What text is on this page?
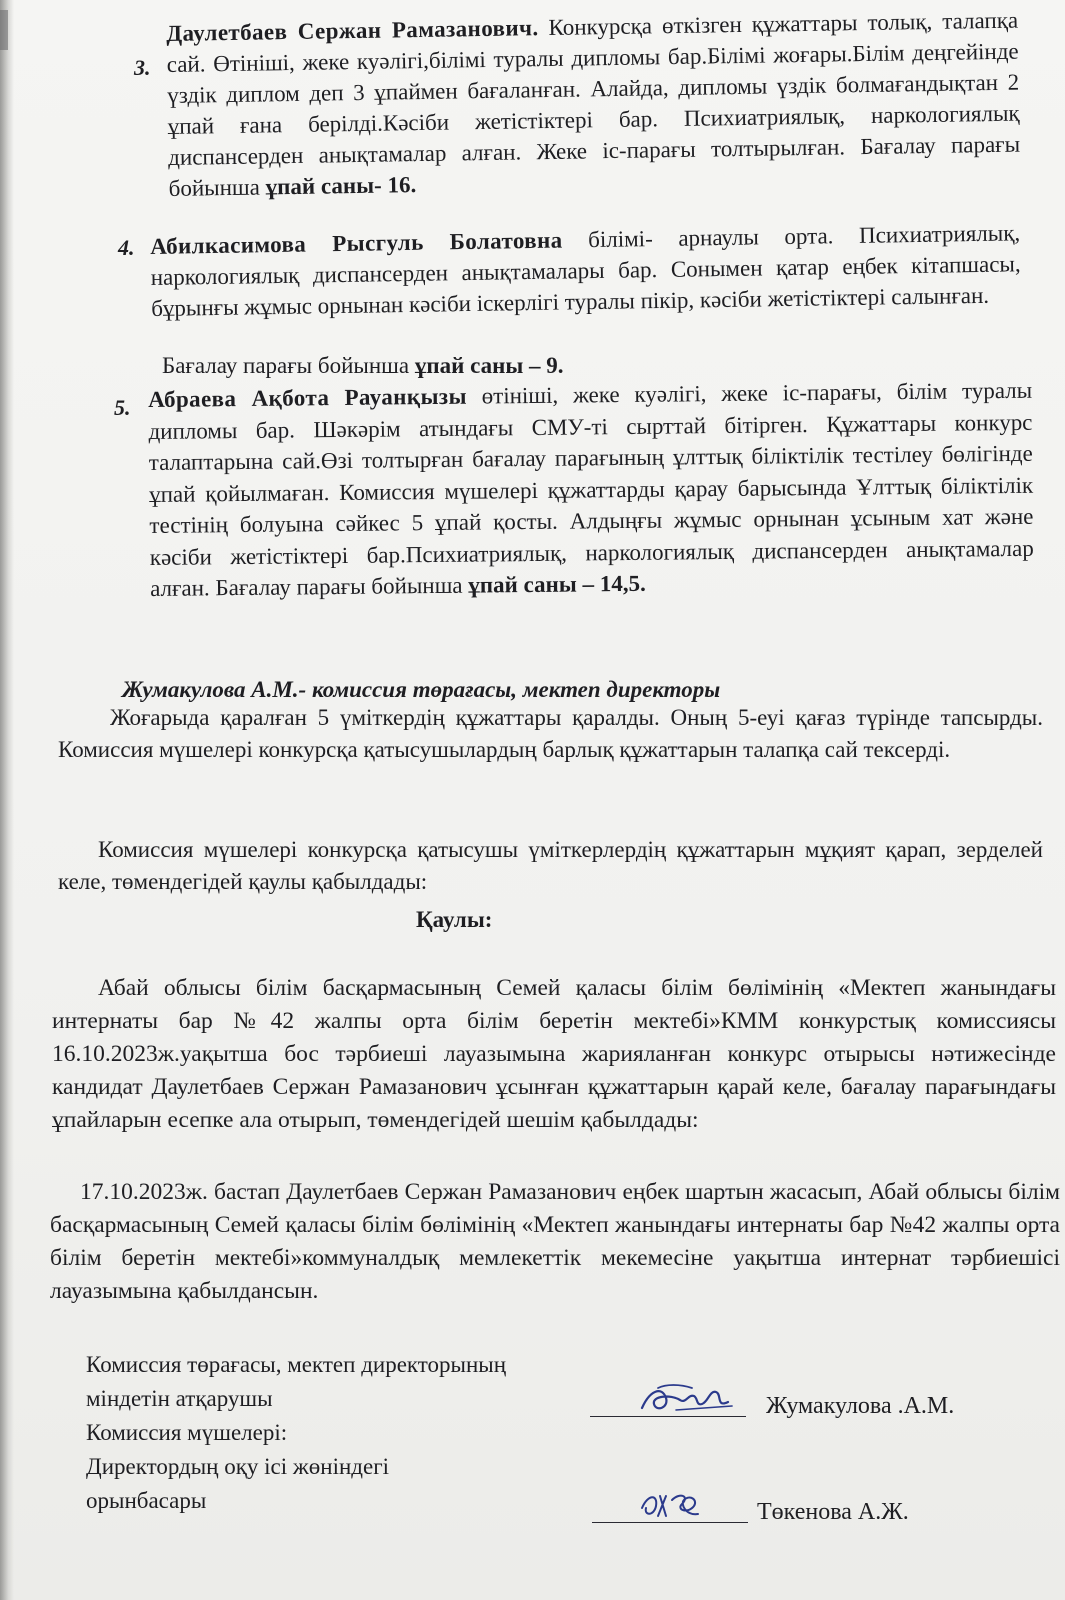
3.
Даулетбаев Сержан Рамазанович. Конкурсқа өткізген құжаттары толық, талапқа сай. Өтініші, жеке куәлігі,білімі туралы дипломы бар.Білімі жоғары.Білім деңгейінде үздік диплом деп 3 ұпаймен бағаланған. Алайда, дипломы үздік болмағандықтан 2 ұпай ғана берілді.Кәсіби жетістіктері бар. Психиатриялық, наркологиялық диспансерден анықтамалар алған. Жеке іс-парағы толтырылған. Бағалау парағы бойынша ұпай саны- 16.
4. Абилкасимова Рысгуль Болатовна білімі- арнаулы орта. Психиатриялық, наркологиялық диспансерден анықтамалары бар. Сонымен қатар еңбек кітапшасы, бұрынғы жұмыс орнынан кәсіби іскерлігі туралы пікір, кәсіби жетістіктері салынған.
Бағалау парағы бойынша ұпай саны – 9.
5. Абраева Ақбота Рауанқызы өтініші, жеке куәлігі, жеке іс-парағы, білім туралы дипломы бар. Шәкәрім атындағы СМУ-ті сырттай бітірген. Құжаттары конкурс талаптарына сай.Өзі толтырған бағалау парағының ұлттық біліктілік тестілеу бөлігінде ұпай қойылмаған. Комиссия мүшелері құжаттарды қарау барысында Ұлттық біліктілік тестінің болуына сәйкес 5 ұпай қосты. Алдыңғы жұмыс орнынан ұсыным хат және кәсіби жетістіктері бар.Психиатриялық, наркологиялық диспансерден анықтамалар алған. Бағалау парағы бойынша ұпай саны – 14,5.
Жумакулова А.М.- комиссия төрағасы, мектеп директоры
Жоғарыда қаралған 5 үміткердің құжаттары қаралды. Оның 5-еуі қағаз түрінде тапсырды. Комиссия мүшелері конкурсқа қатысушылардың барлық құжаттарын талапқа сай тексерді.
Комиссия мүшелері конкурсқа қатысушы үміткерлердің құжаттарын мұқият қарап, зерделей келе, төмендегідей қаулы қабылдады:
Қаулы:
Абай облысы білім басқармасының Семей қаласы білім бөлімінің «Мектеп жанындағы интернаты бар №42 жалпы орта білім беретін мектебі»КММ конкурстық комиссиясы 16.10.2023ж.уақытша бос тәрбиеші лауазымына жарияланған конкурс отырысы нәтижесінде кандидат Даулетбаев Сержан Рамазанович ұсынған құжаттарын қарай келе, бағалау парағындағы ұпайларын есепке ала отырып, төмендегідей шешім қабылдады:
17.10.2023ж. бастап Даулетбаев Сержан Рамазанович еңбек шартын жасасып, Абай облысы білім басқармасының Семей қаласы білім бөлімінің «Мектеп жанындағы интернаты бар №42 жалпы орта білім беретін мектебі»коммуналдық мемлекеттік мекемесіне уақытша интернат тәрбиешісі лауазымына қабылдансын.
Комиссия төрағасы, мектеп директорының
міндетін атқарушы
Комиссия мүшелері:
Директордың оқу ісі жөніндегі
орынбасары
Жумакулова .А.М.
Төкенова А.Ж.
